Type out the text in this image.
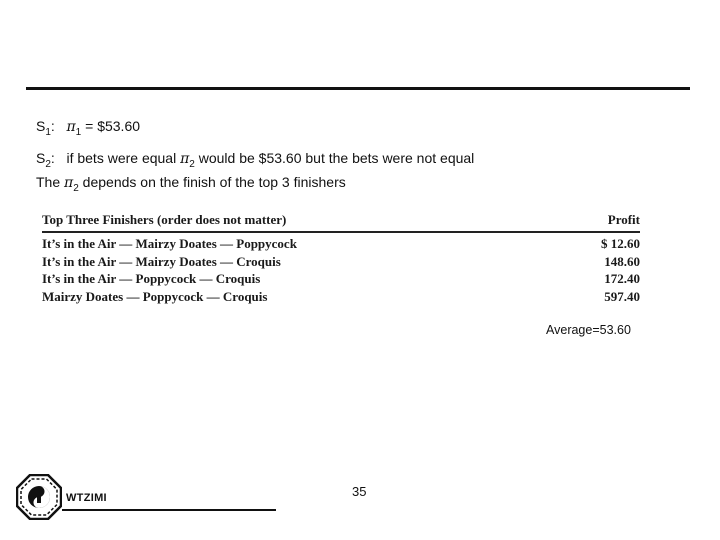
$S_1$: $\pi_1$ = $53.60
$S_2$: if bets were equal $\pi_2$ would be $53.60 but the bets were not equal
The $\pi_2$ depends on the finish of the top 3 finishers
Top Three Finishers (order does not matter)	Profit
It’s in the Air — Mairzy Doates — Poppycock	$ 12.60
It’s in the Air — Mairzy Doates — Croquis	148.60
It’s in the Air — Poppycock — Croquis	172.40
Mairzy Doates — Poppycock — Croquis	597.40
Average=53.60
WTZIMI	35
